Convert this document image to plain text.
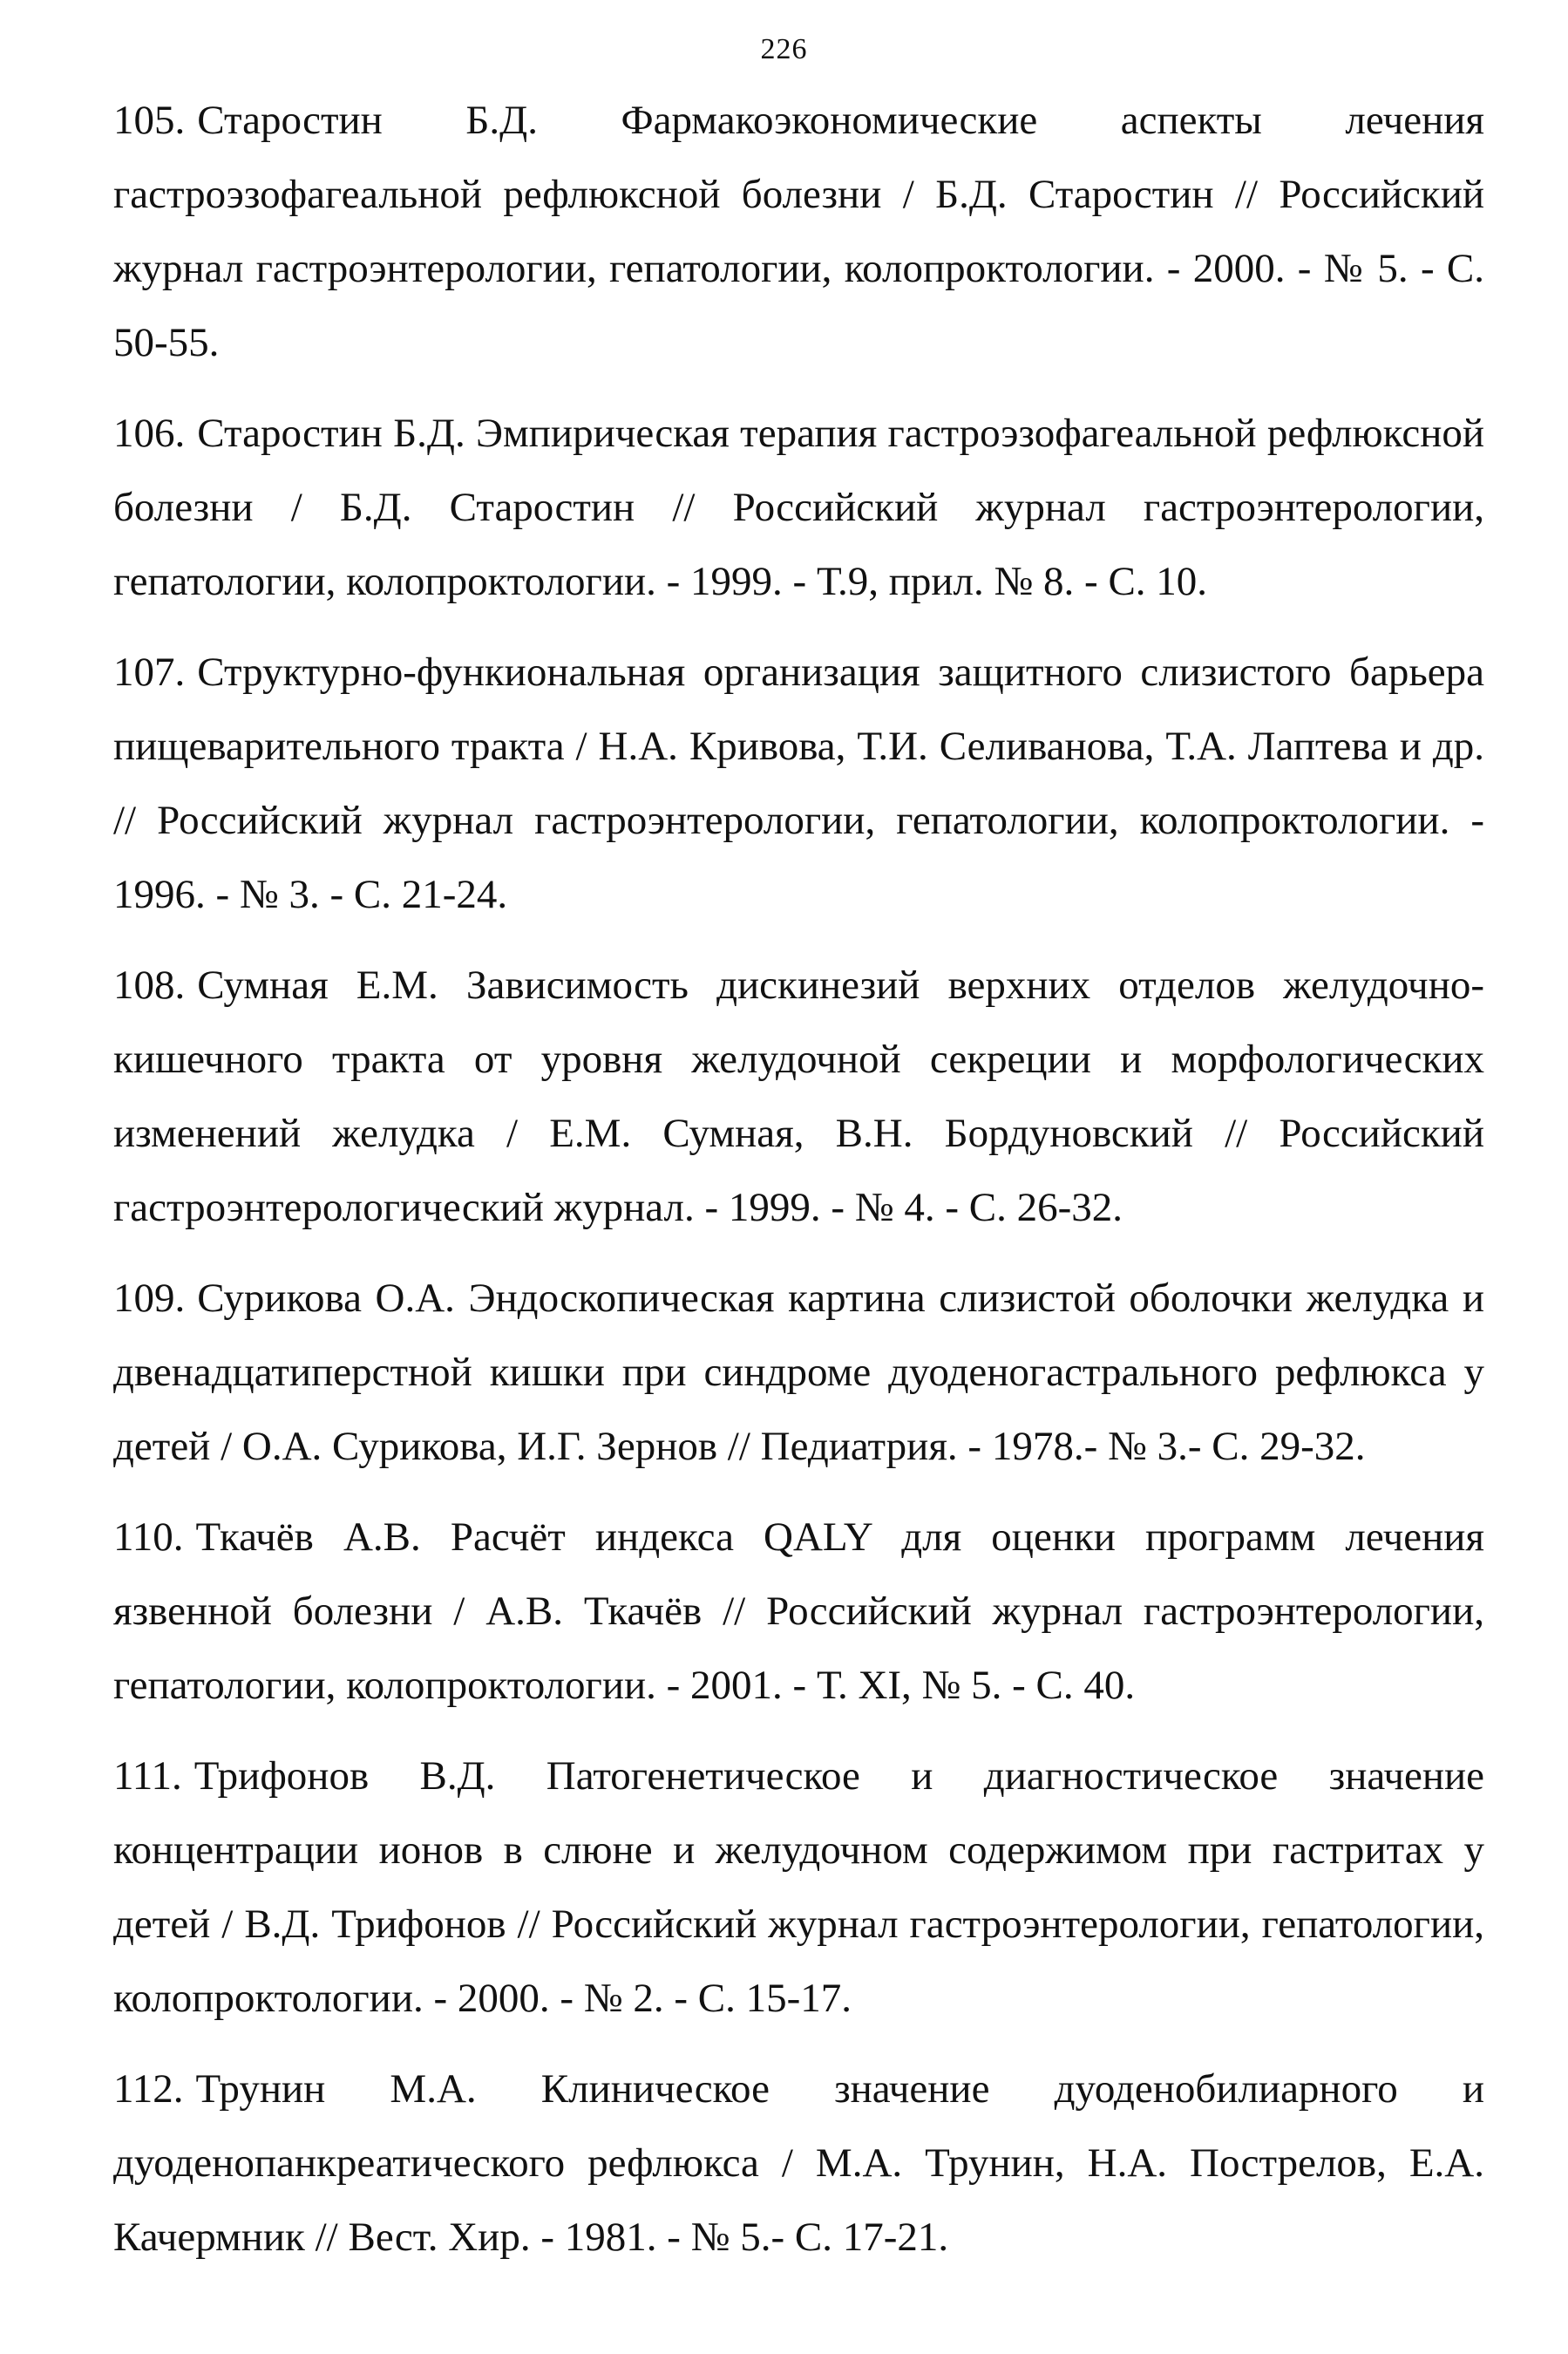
226

105. Старостин Б.Д. Фармакоэкономические аспекты лечения гастроэзофагеальной рефлюксной болезни / Б.Д. Старостин // Российский журнал гастроэнтерологии, гепатологии, колопроктологии. - 2000. - № 5. - С. 50-55.

106. Старостин Б.Д. Эмпирическая терапия гастроэзофагеальной рефлюксной болезни / Б.Д. Старостин // Российский журнал гастроэнтерологии, гепатологии, колопроктологии. - 1999. - Т.9, прил. № 8. - С. 10.

107. Структурно-функиональная организация защитного слизистого барьера пищеварительного тракта / Н.А. Кривова, Т.И. Селиванова, Т.А. Лаптева и др. // Российский журнал гастроэнтерологии, гепатологии, колопроктологии. - 1996. - № 3. - С. 21-24.

108. Сумная Е.М. Зависимость дискинезий верхних отделов желудочно-кишечного тракта от уровня желудочной секреции и морфологических изменений желудка / Е.М. Сумная, В.Н. Бордуновский // Российский гастроэнтерологический журнал. - 1999. - № 4. - С. 26-32.

109. Сурикова О.А. Эндоскопическая картина слизистой оболочки желудка и двенадцатиперстной кишки при синдроме дуоденогастрального рефлюкса у детей / О.А. Сурикова, И.Г. Зернов // Педиатрия. - 1978.- № 3.- С. 29-32.

110. Ткачёв А.В. Расчёт индекса QALY для оценки программ лечения язвенной болезни / А.В. Ткачёв // Российский журнал гастроэнтерологии, гепатологии, колопроктологии. - 2001. - Т. XI, № 5. - С. 40.

111. Трифонов В.Д. Патогенетическое и диагностическое значение концентрации ионов в слюне и желудочном содержимом при гастритах у детей / В.Д. Трифонов // Российский журнал гастроэнтерологии, гепатологии, колопроктологии. - 2000. - № 2. - С. 15-17.

112. Трунин М.А. Клиническое значение дуоденобилиарного и дуоденопанкреатического рефлюкса / М.А. Трунин, Н.А. Пострелов, Е.А. Качермник // Вест. Хир. - 1981. - № 5.- С. 17-21.
